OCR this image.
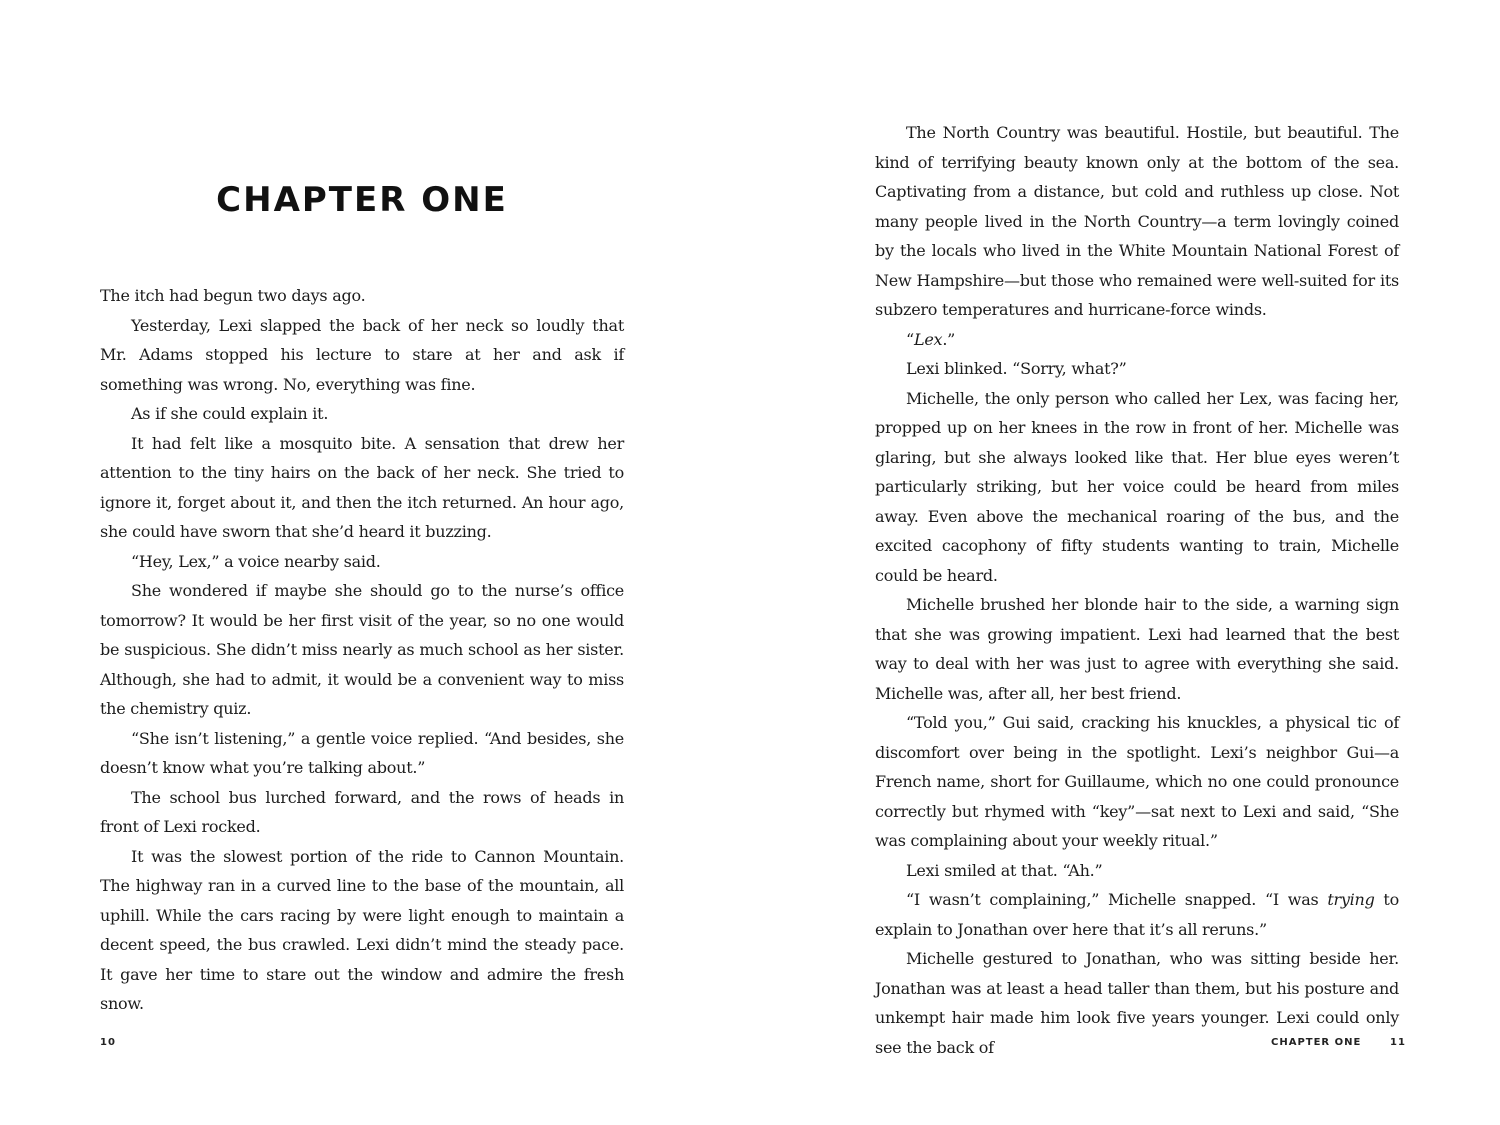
CHAPTER ONE

The itch had begun two days ago.

Yesterday, Lexi slapped the back of her neck so loudly that Mr. Adams stopped his lecture to stare at her and ask if something was wrong. No, everything was fine.

As if she could explain it.

It had felt like a mosquito bite. A sensation that drew her attention to the tiny hairs on the back of her neck. She tried to ignore it, forget about it, and then the itch returned. An hour ago, she could have sworn that she’d heard it buzzing.

“Hey, Lex,” a voice nearby said.

She wondered if maybe she should go to the nurse’s office tomorrow? It would be her first visit of the year, so no one would be suspicious. She didn’t miss nearly as much school as her sister. Although, she had to admit, it would be a convenient way to miss the chemistry quiz.

“She isn’t listening,” a gentle voice replied. “And besides, she doesn’t know what you’re talking about.”

The school bus lurched forward, and the rows of heads in front of Lexi rocked.

It was the slowest portion of the ride to Cannon Mountain. The highway ran in a curved line to the base of the mountain, all uphill. While the cars racing by were light enough to maintain a decent speed, the bus crawled. Lexi didn’t mind the steady pace. It gave her time to stare out the window and admire the fresh snow.

10

The North Country was beautiful. Hostile, but beautiful. The kind of terrifying beauty known only at the bottom of the sea. Captivating from a distance, but cold and ruthless up close. Not many people lived in the North Country—a term lovingly coined by the locals who lived in the White Mountain National Forest of New Hampshire—but those who remained were well-suited for its subzero temperatures and hurricane-force winds.

“Lex.”

Lexi blinked. “Sorry, what?”

Michelle, the only person who called her Lex, was facing her, propped up on her knees in the row in front of her. Michelle was glaring, but she always looked like that. Her blue eyes weren’t particularly striking, but her voice could be heard from miles away. Even above the mechanical roaring of the bus, and the excited cacophony of fifty students wanting to train, Michelle could be heard.

Michelle brushed her blonde hair to the side, a warning sign that she was growing impatient. Lexi had learned that the best way to deal with her was just to agree with everything she said. Michelle was, after all, her best friend.

“Told you,” Gui said, cracking his knuckles, a physical tic of discomfort over being in the spotlight. Lexi’s neighbor Gui—a French name, short for Guillaume, which no one could pronounce correctly but rhymed with “key”—sat next to Lexi and said, “She was complaining about your weekly ritual.”

Lexi smiled at that. “Ah.”

“I wasn’t complaining,” Michelle snapped. “I was trying to explain to Jonathan over here that it’s all reruns.”

Michelle gestured to Jonathan, who was sitting beside her. Jonathan was at least a head taller than them, but his posture and unkempt hair made him look five years younger. Lexi could only see the back of	CHAPTER ONE	11
